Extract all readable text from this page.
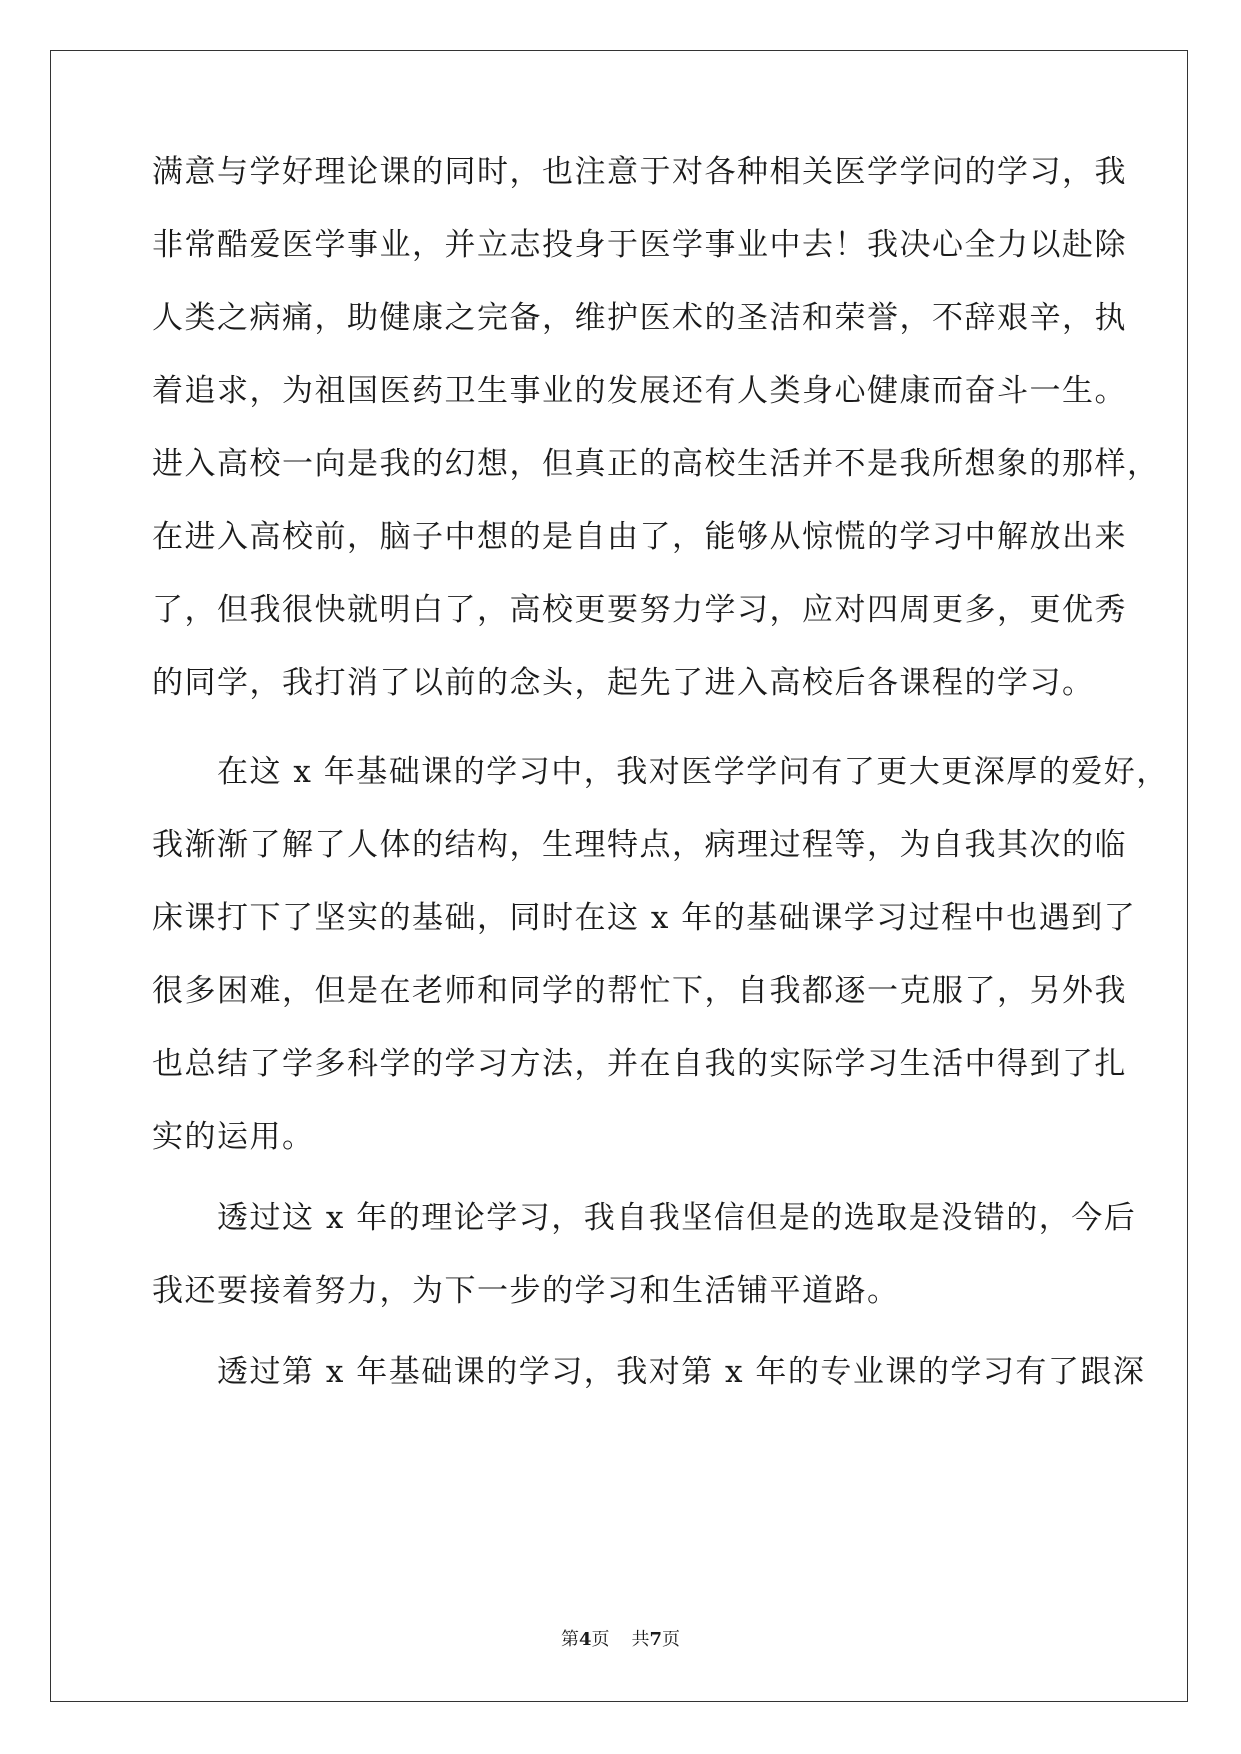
满意与学好理论课的同时，也注意于对各种相关医学学问的学习，我
非常酷爱医学事业，并立志投身于医学事业中去！我决心全力以赴除
人类之病痛，助健康之完备，维护医术的圣洁和荣誉，不辞艰辛，执
着追求，为祖国医药卫生事业的发展还有人类身心健康而奋斗一生。
进入高校一向是我的幻想，但真正的高校生活并不是我所想象的那样，
在进入高校前，脑子中想的是自由了，能够从惊慌的学习中解放出来
了，但我很快就明白了，高校更要努力学习，应对四周更多，更优秀
的同学，我打消了以前的念头，起先了进入高校后各课程的学习。
　　在这 x 年基础课的学习中，我对医学学问有了更大更深厚的爱好，
我渐渐了解了人体的结构，生理特点，病理过程等，为自我其次的临
床课打下了坚实的基础，同时在这 x 年的基础课学习过程中也遇到了
很多困难，但是在老师和同学的帮忙下，自我都逐一克服了，另外我
也总结了学多科学的学习方法，并在自我的实际学习生活中得到了扎
实的运用。
　　透过这 x 年的理论学习，我自我坚信但是的选取是没错的，今后
我还要接着努力，为下一步的学习和生活铺平道路。
　　透过第 x 年基础课的学习，我对第 x 年的专业课的学习有了跟深
第4页 共7页
